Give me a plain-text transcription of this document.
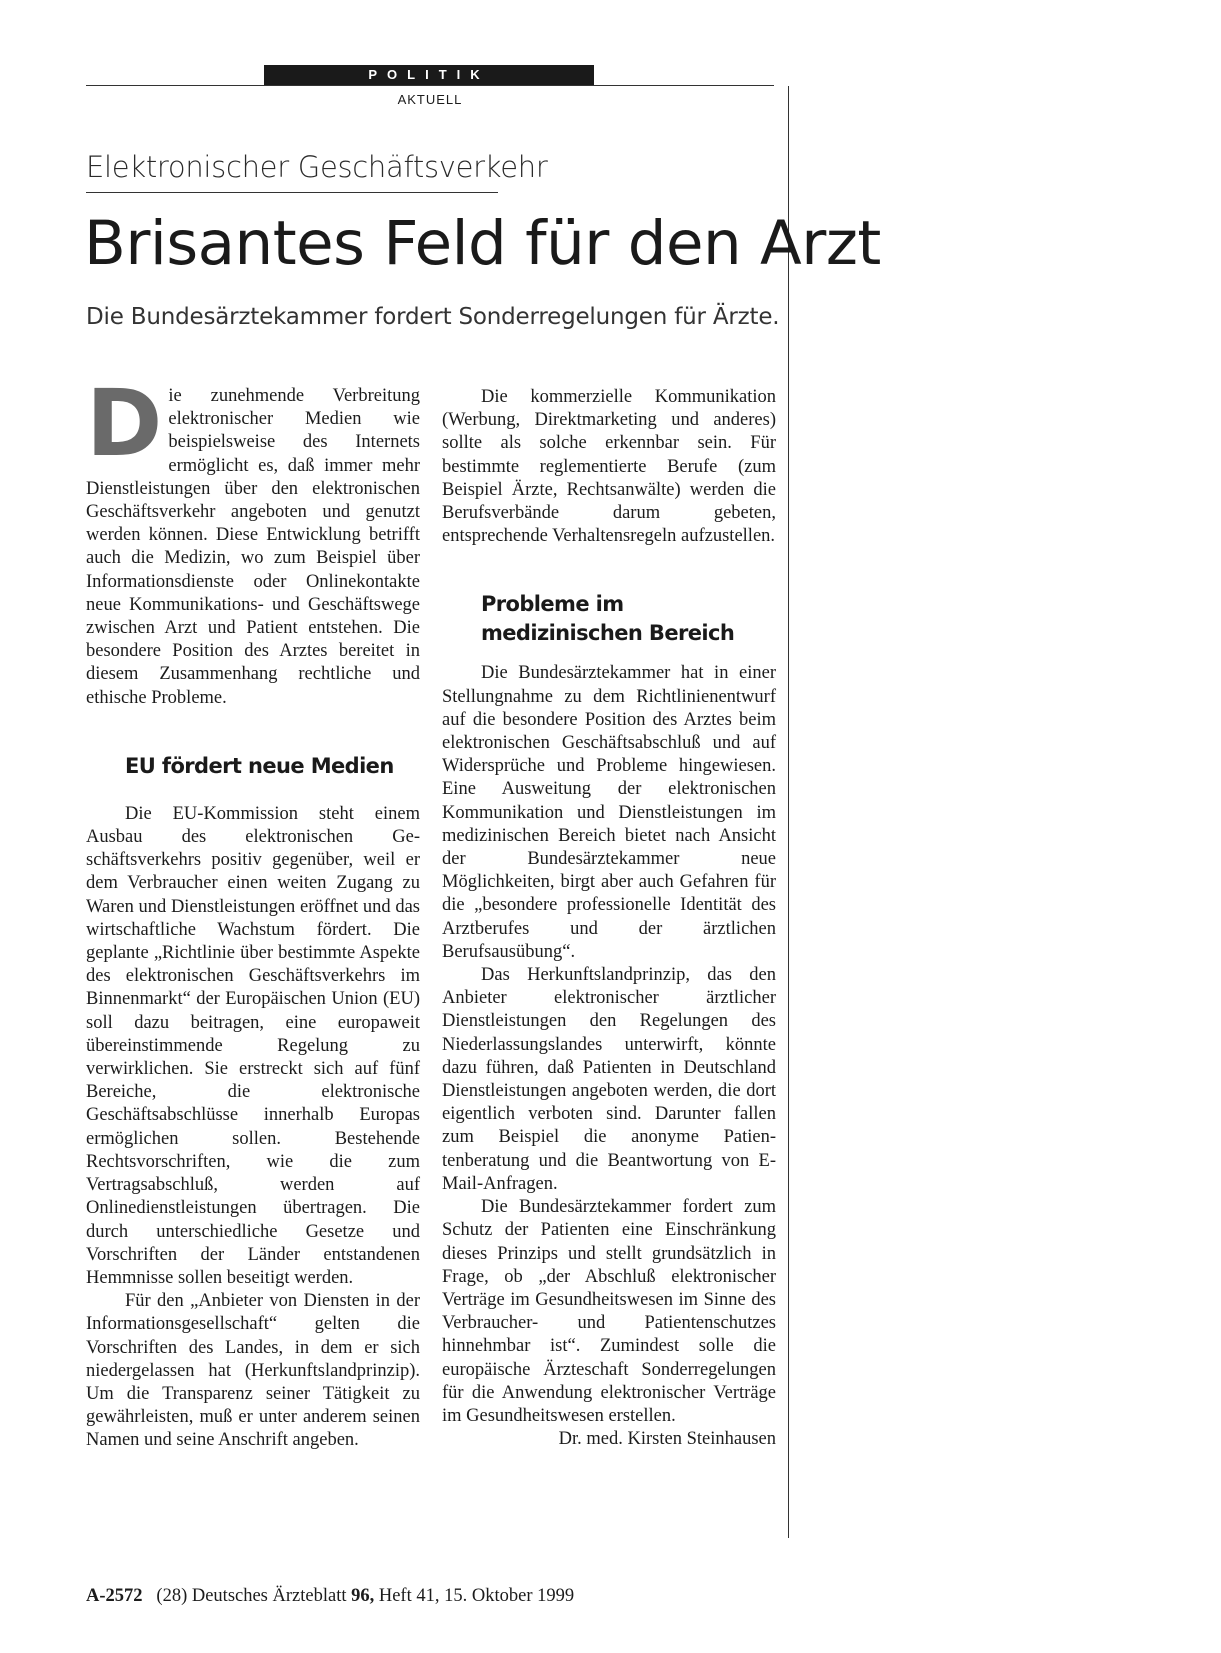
POLITIK
AKTUELL
Elektronischer Geschäftsverkehr
Brisantes Feld für den Arzt
Die Bundesärztekammer fordert Sonderregelungen für Ärzte.

Die zunehmende Verbreitung elektronischer Medien wie beispielsweise des Internets ermöglicht es, daß immer mehr Dienstleistungen über den elektronischen Geschäftsverkehr angeboten und genutzt werden können. Diese Entwicklung betrifft auch die Medizin, wo zum Beispiel über Informationsdienste oder Onlinekontakte neue Kommunikations- und Geschäftswege zwischen Arzt und Patient entstehen. Die besondere Position des Arztes bereitet in diesem Zusammenhang rechtliche und ethische Probleme.

EU fördert neue Medien

Die EU-Kommission steht einem Ausbau des elektronischen Geschäftsverkehrs positiv gegenüber, weil er dem Verbraucher einen weiten Zugang zu Waren und Dienstleistungen eröffnet und das wirtschaftliche Wachstum fördert. Die geplante „Richtlinie über bestimmte Aspekte des elektronischen Geschäftsverkehrs im Binnenmarkt“ der Europäischen Union (EU) soll dazu beitragen, eine europaweit übereinstimmende Regelung zu verwirklichen. Sie erstreckt sich auf fünf Bereiche, die elektronische Geschäftsabschlüsse innerhalb Europas ermöglichen sollen. Bestehende Rechtsvorschriften, wie die zum Vertragsabschluß, werden auf Onlinedienstleistungen übertragen. Die durch unterschiedliche Gesetze und Vorschriften der Länder entstandenen Hemmnisse sollen beseitigt werden.

Für den „Anbieter von Diensten in der Informationsgesellschaft“ gelten die Vorschriften des Landes, in dem er sich niedergelassen hat (Herkunftslandprinzip). Um die Transparenz seiner Tätigkeit zu gewährleisten, muß er unter anderem seinen Namen und seine Anschrift angeben.

Die kommerzielle Kommunikation (Werbung, Direktmarketing und anderes) sollte als solche erkennbar sein. Für bestimmte reglementierte Berufe (zum Beispiel Ärzte, Rechtsanwälte) werden die Berufsverbände darum gebeten, entsprechende Verhaltensregeln aufzustellen.

Probleme im
medizinischen Bereich

Die Bundesärztekammer hat in einer Stellungnahme zu dem Richtlinienentwurf auf die besondere Position des Arztes beim elektronischen Geschäftsabschluß und auf Widersprüche und Probleme hingewiesen. Eine Ausweitung der elektronischen Kommunikation und Dienstleistungen im medizinischen Bereich bietet nach Ansicht der Bundesärztekammer neue Möglichkeiten, birgt aber auch Gefahren für die „besondere professionelle Identität des Arztberufes und der ärztlichen Berufsausübung“.

Das Herkunftslandprinzip, das den Anbieter elektronischer ärztlicher Dienstleistungen den Regelungen des Niederlassungslandes unterwirft, könnte dazu führen, daß Patienten in Deutschland Dienstleistungen angeboten werden, die dort eigentlich verboten sind. Darunter fallen zum Beispiel die anonyme Patientenberatung und die Beantwortung von E-Mail-Anfragen.

Die Bundesärztekammer fordert zum Schutz der Patienten eine Einschränkung dieses Prinzips und stellt grundsätzlich in Frage, ob „der Abschluß elektronischer Verträge im Gesundheitswesen im Sinne des Verbraucher- und Patientenschutzes hinnehmbar ist“. Zumindest solle die europäische Ärzteschaft Sonderregelungen für die Anwendung elektronischer Verträge im Gesundheitswesen erstellen.
Dr. med. Kirsten Steinhausen

A-2572 (28) Deutsches Ärzteblatt 96, Heft 41, 15. Oktober 1999
